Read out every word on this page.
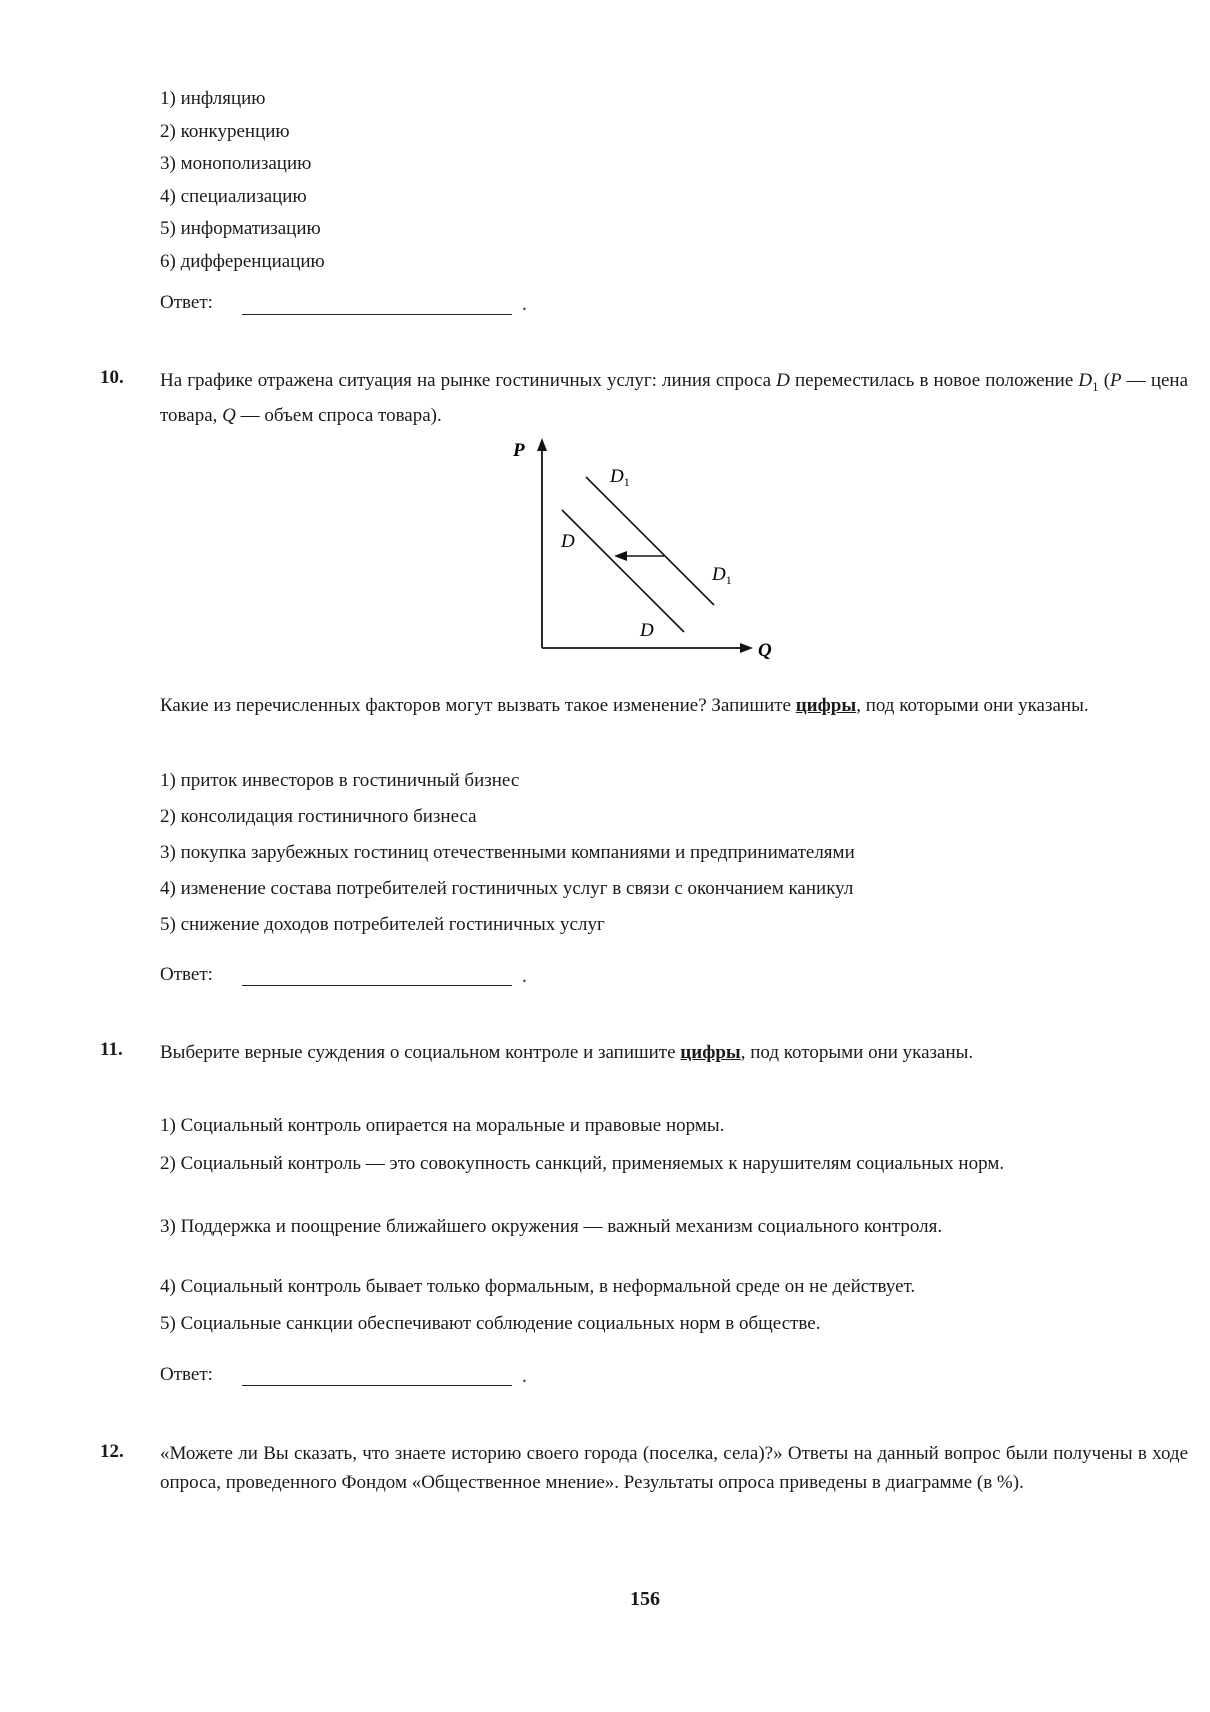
1) инфляцию
2) конкуренцию
3) монополизацию
4) специализацию
5) информатизацию
6) дифференциацию
Ответ:	.
10. На графике отражена ситуация на рынке гостиничных услуг: линия спроса D переместилась в новое положение $D_1$ (P — цена товара, Q — объем спроса товара).
P
Q
D
D
$D_1$
$D_1$
Какие из перечисленных факторов могут вызвать такое изменение? Запишите цифры, под которыми они указаны.
1) приток инвесторов в гостиничный бизнес
2) консолидация гостиничного бизнеса
3) покупка зарубежных гостиниц отечественными компаниями и предпринимателями
4) изменение состава потребителей гостиничных услуг в связи с окончанием каникул
5) снижение доходов потребителей гостиничных услуг
Ответ:	.
11. Выберите верные суждения о социальном контроле и запишите цифры, под которыми они указаны.
1) Социальный контроль опирается на моральные и правовые нормы.
2) Социальный контроль — это совокупность санкций, применяемых к нарушителям социальных норм.
3) Поддержка и поощрение ближайшего окружения — важный механизм социального контроля.
4) Социальный контроль бывает только формальным, в неформальной среде он не действует.
5) Социальные санкции обеспечивают соблюдение социальных норм в обществе.
Ответ:	.
12. «Можете ли Вы сказать, что знаете историю своего города (поселка, села)?» Ответы на данный вопрос были получены в ходе опроса, проведенного Фондом «Общественное мнение». Результаты опроса приведены в диаграмме (в %).
156
